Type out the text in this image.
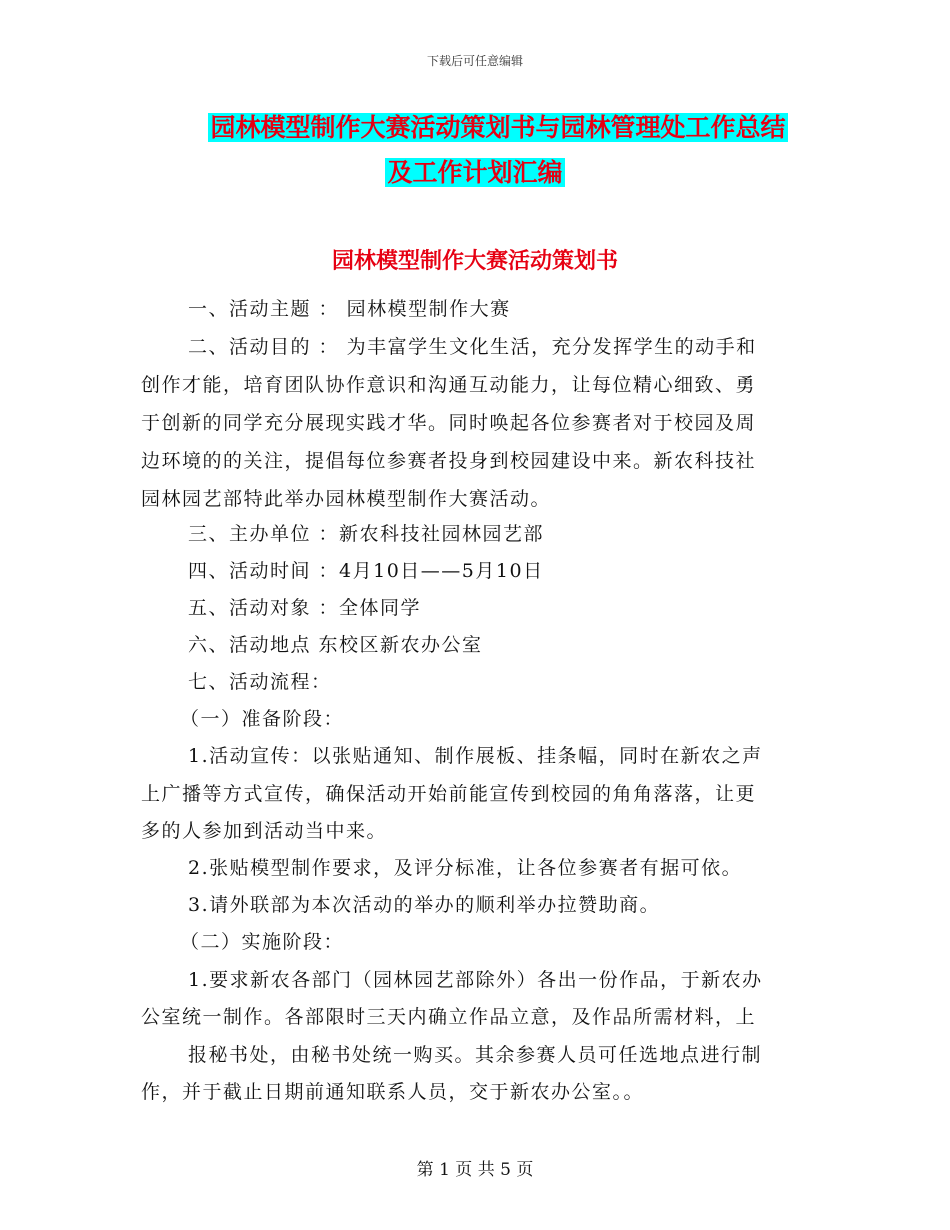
下载后可任意编辑
园林模型制作大赛活动策划书与园林管理处工作总结
及工作计划汇编
园林模型制作大赛活动策划书
一、活动主题 ： 园林模型制作大赛
二、活动目的 ： 为丰富学生文化生活，充分发挥学生的动手和
创作才能，培育团队协作意识和沟通互动能力，让每位精心细致、勇
于创新的同学充分展现实践才华。同时唤起各位参赛者对于校园及周
边环境的的关注，提倡每位参赛者投身到校园建设中来。新农科技社
园林园艺部特此举办园林模型制作大赛活动。
三、主办单位 ：新农科技社园林园艺部
四、活动时间 ：4月10日——5月10日
五、活动对象 ：全体同学
六、活动地点 东校区新农办公室
七、活动流程：
（一）准备阶段：
1.活动宣传：以张贴通知、制作展板、挂条幅，同时在新农之声
上广播等方式宣传，确保活动开始前能宣传到校园的角角落落，让更
多的人参加到活动当中来。
2.张贴模型制作要求，及评分标准，让各位参赛者有据可依。
3.请外联部为本次活动的举办的顺利举办拉赞助商。
（二）实施阶段：
1.要求新农各部门（园林园艺部除外）各出一份作品，于新农办
公室统一制作。各部限时三天内确立作品立意，及作品所需材料，上
报秘书处，由秘书处统一购买。其余参赛人员可任选地点进行制
作，并于截止日期前通知联系人员，交于新农办公室。。
第 1 页 共 5 页
